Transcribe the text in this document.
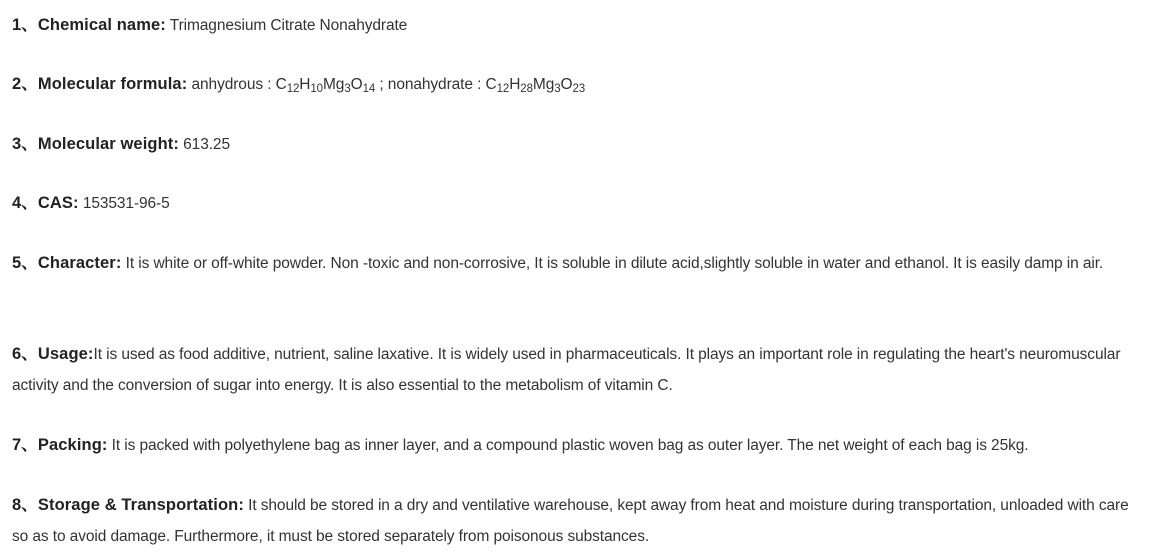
1、Chemical name: Trimagnesium Citrate Nonahydrate
2、Molecular formula: anhydrous : $C_{12}H_{10}Mg_3O_{14}$ ; nonahydrate : $C_{12}H_{28}Mg_3O_{23}$
3、Molecular weight: 613.25
4、CAS: 153531-96-5
5、Character: It is white or off-white powder. Non -toxic and non-corrosive, It is soluble in dilute acid,slightly soluble in water and ethanol. It is easily damp in air.
6、Usage:It is used as food additive, nutrient, saline laxative. It is widely used in pharmaceuticals. It plays an important role in regulating the heart's neuromuscular activity and the conversion of sugar into energy. It is also essential to the metabolism of vitamin C.
7、Packing: It is packed with polyethylene bag as inner layer, and a compound plastic woven bag as outer layer. The net weight of each bag is 25kg.
8、Storage & Transportation: It should be stored in a dry and ventilative warehouse, kept away from heat and moisture during transportation, unloaded with care so as to avoid damage. Furthermore, it must be stored separately from poisonous substances.
